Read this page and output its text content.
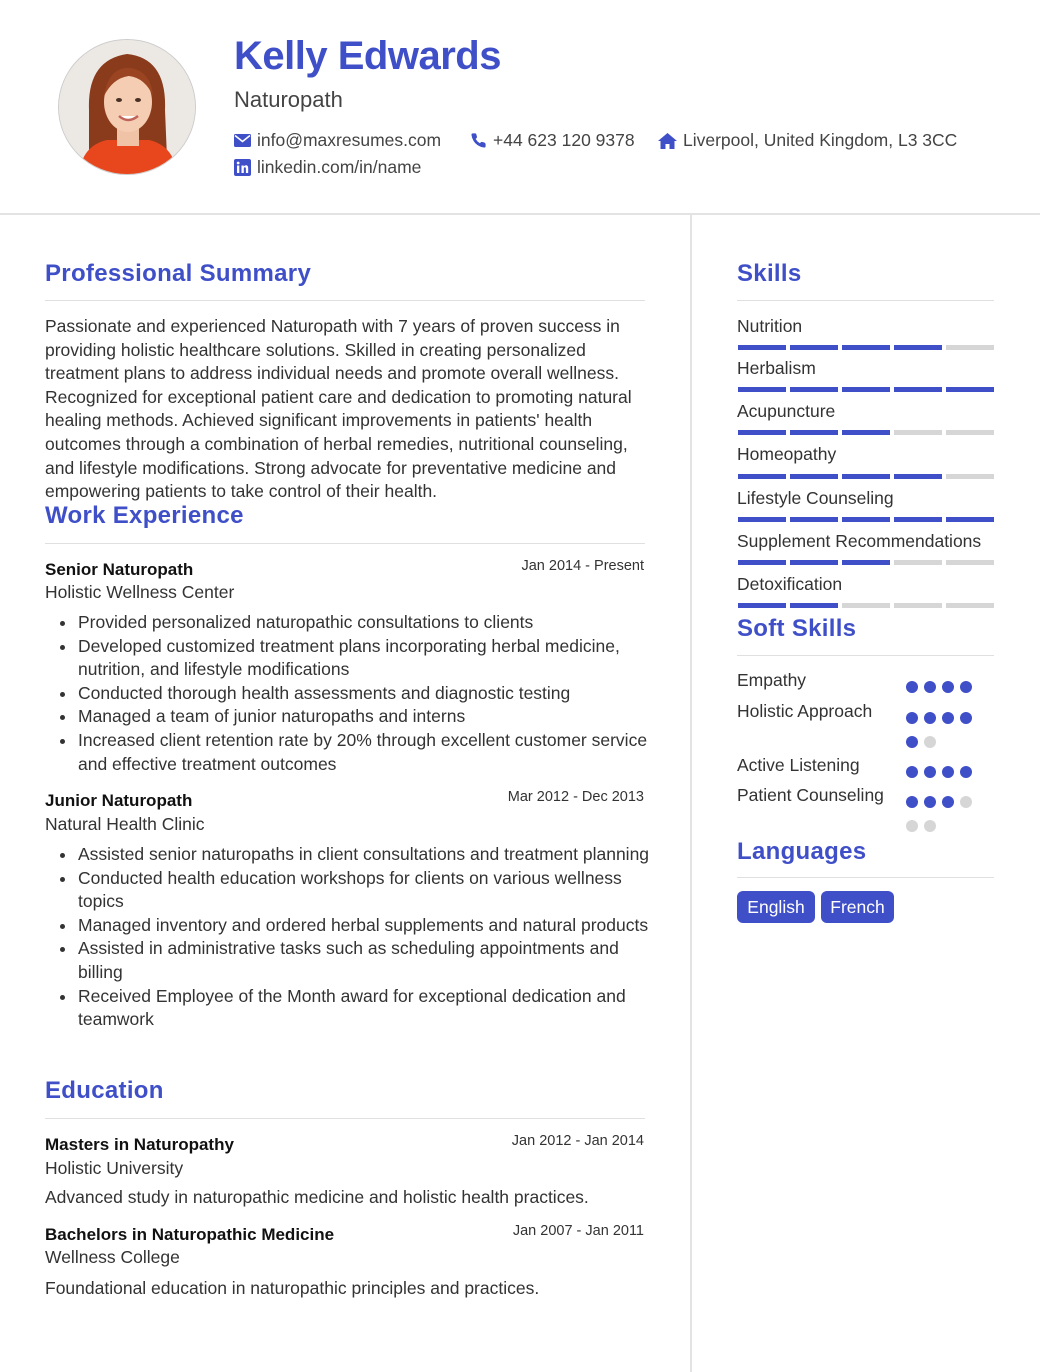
Kelly Edwards
Naturopath
info@maxresumes.com	+44 623 120 9378	Liverpool, United Kingdom, L3 3CC
linkedin.com/in/name
Professional Summary
Passionate and experienced Naturopath with 7 years of proven success in providing holistic healthcare solutions. Skilled in creating personalized treatment plans to address individual needs and promote overall wellness. Recognized for exceptional patient care and dedication to promoting natural healing methods. Achieved significant improvements in patients' health outcomes through a combination of herbal remedies, nutritional counseling, and lifestyle modifications. Strong advocate for preventative medicine and empowering patients to take control of their health.
Work Experience
Senior Naturopath	Jan 2014 - Present
Holistic Wellness Center
Provided personalized naturopathic consultations to clients
Developed customized treatment plans incorporating herbal medicine, nutrition, and lifestyle modifications
Conducted thorough health assessments and diagnostic testing
Managed a team of junior naturopaths and interns
Increased client retention rate by 20% through excellent customer service and effective treatment outcomes
Junior Naturopath	Mar 2012 - Dec 2013
Natural Health Clinic
Assisted senior naturopaths in client consultations and treatment planning
Conducted health education workshops for clients on various wellness topics
Managed inventory and ordered herbal supplements and natural products
Assisted in administrative tasks such as scheduling appointments and billing
Received Employee of the Month award for exceptional dedication and teamwork
Education
Masters in Naturopathy	Jan 2012 - Jan 2014
Holistic University
Advanced study in naturopathic medicine and holistic health practices.
Bachelors in Naturopathic Medicine	Jan 2007 - Jan 2011
Wellness College
Foundational education in naturopathic principles and practices.
Skills
Nutrition
Herbalism
Acupuncture
Homeopathy
Lifestyle Counseling
Supplement Recommendations
Detoxification
Soft Skills
Empathy
Holistic Approach
Active Listening
Patient Counseling
Languages
English	French
